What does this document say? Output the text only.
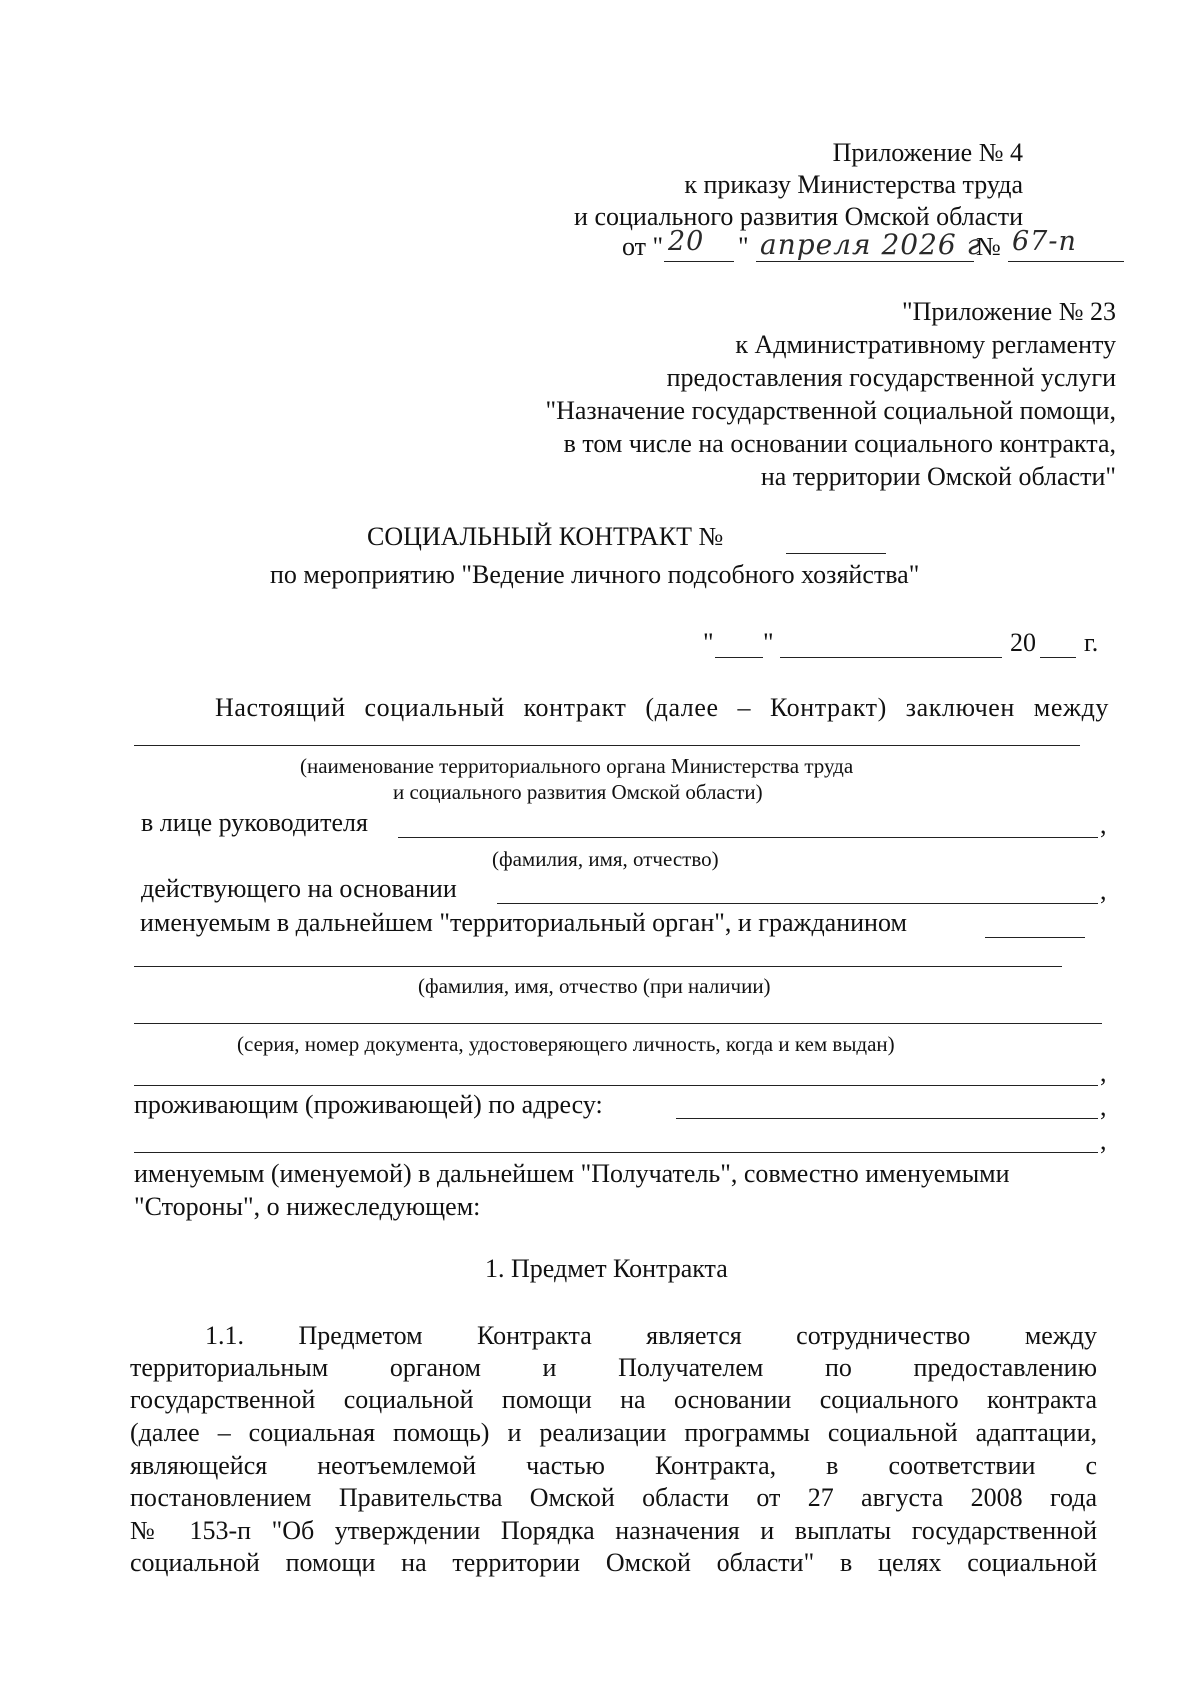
Приложение № 4
к приказу Министерства труда
и социального развития Омской области
от " 20 " апреля 2026 г
№ 67-п
"Приложение № 23
к Административному регламенту
предоставления государственной услуги
"Назначение государственной социальной помощи,
в том числе на основании социального контракта,
на территории Омской области"
СОЦИАЛЬНЫЙ КОНТРАКТ №
по мероприятию "Ведение личного подсобного хозяйства"
" "	20 г.
Настоящий социальный контракт (далее – Контракт) заключен между
(наименование территориального органа Министерства труда
и социального развития Омской области)
в лице руководителя	,
(фамилия, имя, отчество)
действующего на основании	,
именуемым в дальнейшем "территориальный орган", и гражданином
(фамилия, имя, отчество (при наличии)
(серия, номер документа, удостоверяющего личность, когда и кем выдан)
,
проживающим (проживающей) по адресу:	,
,
именуемым (именуемой) в дальнейшем "Получатель", совместно именуемыми
"Стороны", о нижеследующем:
1. Предмет Контракта
1.1. Предметом Контракта является сотрудничество между
территориальным органом и Получателем по предоставлению
государственной социальной помощи на основании социального контракта
(далее – социальная помощь) и реализации программы социальной адаптации,
являющейся неотъемлемой частью Контракта, в соответствии с
постановлением Правительства Омской области от 27 августа 2008 года
№ 153-п "Об утверждении Порядка назначения и выплаты государственной
социальной помощи на территории Омской области" в целях социальной
